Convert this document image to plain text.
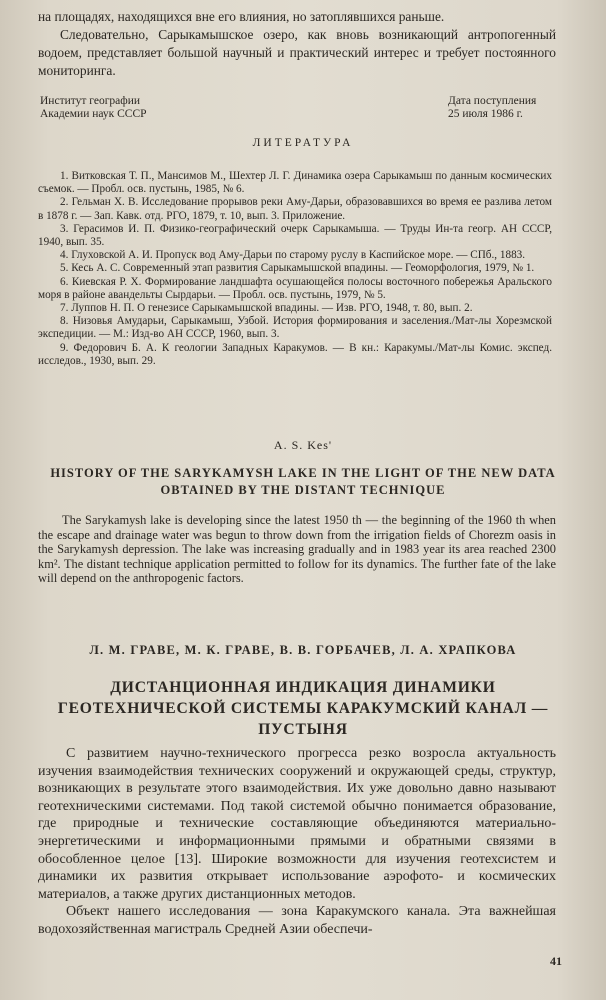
на площадях, находящихся вне его влияния, но затоплявшихся раньше.

Следовательно, Сарыкамышское озеро, как вновь возникающий антропогенный водоем, представляет большой научный и практический интерес и требует постоянного мониторинга.

Институт географии
Академии наук СССР
Дата поступления
25 июля 1986 г.
ЛИТЕРАТУРА
1. Витковская Т. П., Мансимов М., Шехтер Л. Г. Динамика озера Сарыкамыш по данным космических съемок. — Пробл. осв. пустынь, 1985, № 6.
2. Гельман Х. В. Исследование прорывов реки Аму-Дарьи, образовавшихся во время ее разлива летом в 1878 г. — Зап. Кавк. отд. РГО, 1879, т. 10, вып. 3. Приложение.
3. Герасимов И. П. Физико-географический очерк Сарыкамыша. — Труды Ин-та геогр. АН СССР, 1940, вып. 35.
4. Глуховской А. И. Пропуск вод Аму-Дарьи по старому руслу в Каспийское море. — СПб., 1883.
5. Кесь А. С. Современный этап развития Сарыкамышской впадины. — Геоморфология, 1979, № 1.
6. Киевская Р. Х. Формирование ландшафта осушающейся полосы восточного побережья Аральского моря в районе авандельты Сырдарьи. — Пробл. осв. пустынь, 1979, № 5.
7. Луппов Н. П. О генезисе Сарыкамышской впадины. — Изв. РГО, 1948, т. 80, вып. 2.
8. Низовья Амударьи, Сарыкамыш, Узбой. История формирования и заселения./Мат-лы Хорезмской экспедиции. — М.: Изд-во АН СССР, 1960, вып. 3.
9. Федорович Б. А. К геологии Западных Каракумов. — В кн.: Каракумы./Мат-лы Комис. экспед. исследов., 1930, вып. 29.
A. S. Kes'
HISTORY OF THE SARYKAMYSH LAKE IN THE LIGHT OF THE NEW DATA
OBTAINED BY THE DISTANT TECHNIQUE

The Sarykamysh lake is developing since the latest 1950 th — the beginning of the 1960 th when the escape and drainage water was begun to throw down from the irrigation fields of Chorezm oasis in the Sarykamysh depression. The lake was increasing gradually and in 1983 year its area reached 2300 km². The distant technique application permitted to follow for its dynamics. The further fate of the lake will depend on the anthropogenic factors.

Л. М. ГРАВЕ, М. К. ГРАВЕ, В. В. ГОРБАЧЕВ, Л. А. ХРАПКОВА
ДИСТАНЦИОННАЯ ИНДИКАЦИЯ ДИНАМИКИ
ГЕОТЕХНИЧЕСКОЙ СИСТЕМЫ КАРАКУМСКИЙ КАНАЛ —
ПУСТЫНЯ
С развитием научно-технического прогресса резко возросла актуальность изучения взаимодействия технических сооружений и окружающей среды, структур, возникающих в результате этого взаимодействия. Их уже довольно давно называют геотехническими системами. Под такой системой обычно понимается образование, где природные и технические составляющие объединяются материально-энергетическими и информационными прямыми и обратными связями в обособленное целое [13]. Широкие возможности для изучения геотехсистем и динамики их развития открывает использование аэрофото- и космических материалов, а также других дистанционных методов.
Объект нашего исследования — зона Каракумского канала. Эта важнейшая водохозяйственная магистраль Средней Азии обеспечи-
41
